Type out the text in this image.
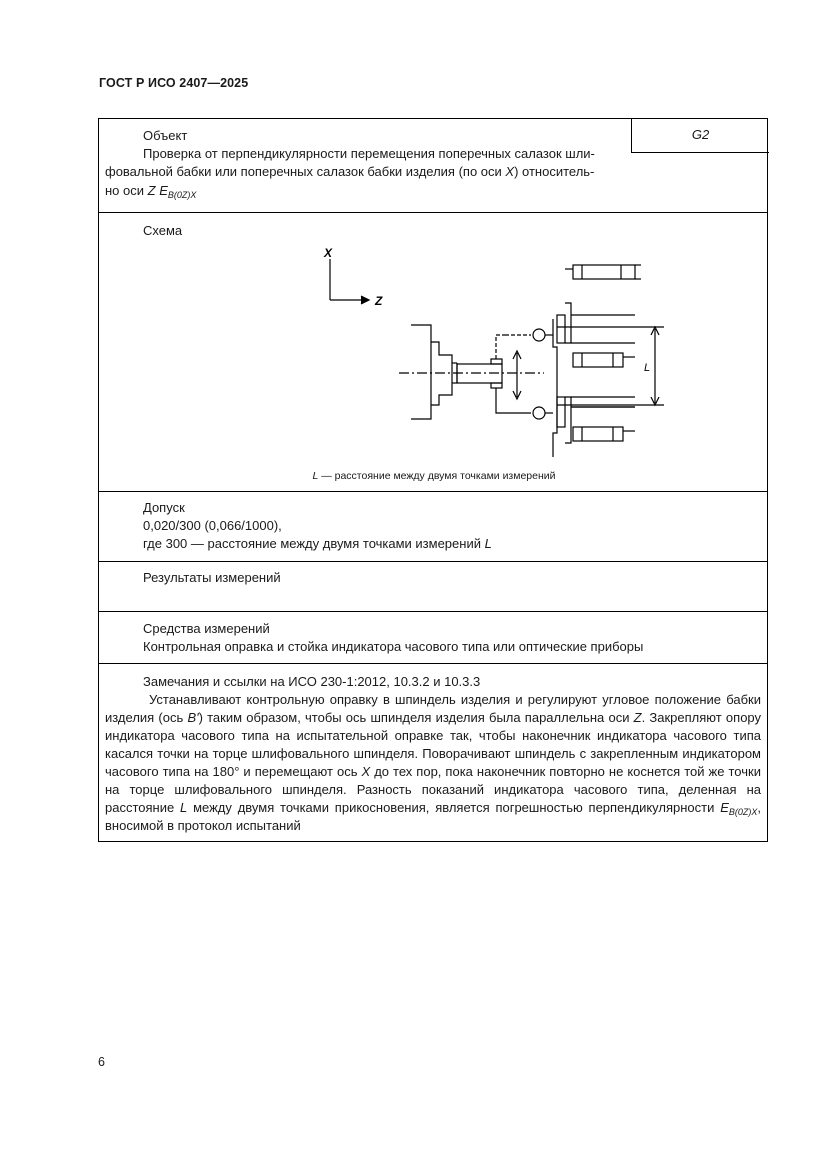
ГОСТ Р ИСО 2407—2025
G2
Объект
Проверка от перпендикулярности перемещения поперечных салазок шли-
фовальной бабки или поперечных салазок бабки изделия (по оси X) относитель-
но оси Z $E_{B(0Z)X}$
Схема
X
Z
L
L — расстояние между двумя точками измерений
Допуск
0,020/300 (0,066/1000),
где 300 — расстояние между двумя точками измерений L
Результаты измерений
Средства измерений
Контрольная оправка и стойка индикатора часового типа или оптические приборы
Замечания и ссылки на ИСО 230-1:2012, 10.3.2 и 10.3.3
Устанавливают контрольную оправку в шпиндель изделия и регулируют угловое положение бабки изделия (ось B') таким образом, чтобы ось шпинделя изделия была параллельна оси Z. Закрепляют опору индикатора часового типа на испытательной оправке так, чтобы наконечник индикатора часового типа касался точки на торце шлифовального шпинделя. Поворачивают шпиндель с закрепленным индикатором часового типа на 180° и перемещают ось X до тех пор, пока наконечник повторно не коснется той же точки на торце шлифовального шпинделя. Разность показаний индикатора часового типа, деленная на расстояние L между двумя точками прикосновения, является погрешностью перпендикулярности $E_{B(0Z)X}$, вносимой в протокол испытаний
6
